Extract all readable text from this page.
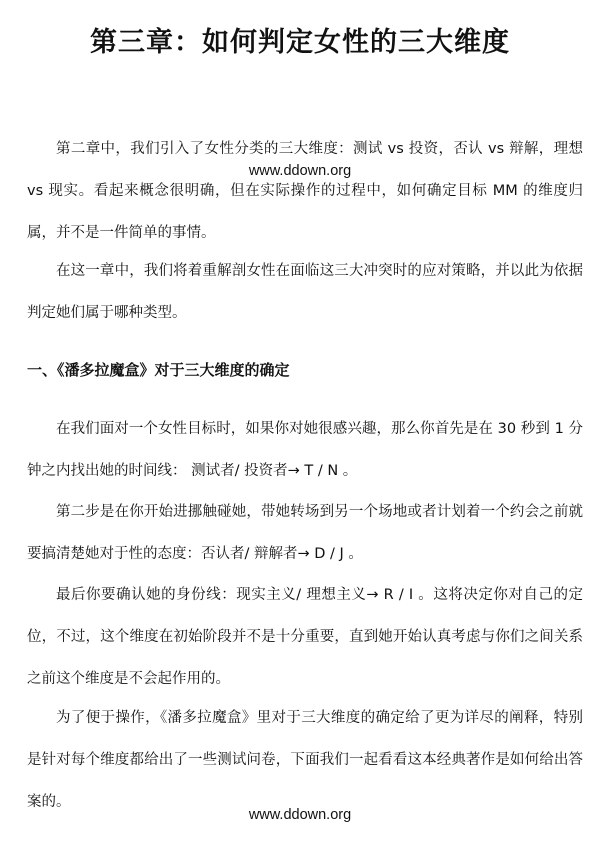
第三章：如何判定女性的三大维度

第二章中，我们引入了女性分类的三大维度：测试 vs 投资，否认 vs 辩解，理想 vs 现实。看起来概念很明确，但在实际操作的过程中，如何确定目标 MM 的维度归属，并不是一件简单的事情。

www.ddown.org

在这一章中，我们将着重解剖女性在面临这三大冲突时的应对策略，并以此为依据判定她们属于哪种类型。

一、《潘多拉魔盒》对于三大维度的确定

在我们面对一个女性目标时，如果你对她很感兴趣，那么你首先是在 30 秒到 1 分钟之内找出她的时间线： 测试者/ 投资者→ T / N 。

第二步是在你开始进挪触碰她，带她转场到另一个场地或者计划着一个约会之前就要搞清楚她对于性的态度：否认者/ 辩解者→ D / J 。

最后你要确认她的身份线：现实主义/ 理想主义→ R / I 。这将决定你对自己的定位，不过，这个维度在初始阶段并不是十分重要，直到她开始认真考虑与你们之间关系之前这个维度是不会起作用的。

为了便于操作，《潘多拉魔盒》里对于三大维度的确定给了更为详尽的阐释，特别是针对每个维度都给出了一些测试问卷，下面我们一起看看这本经典著作是如何给出答案的。

www.ddown.org
